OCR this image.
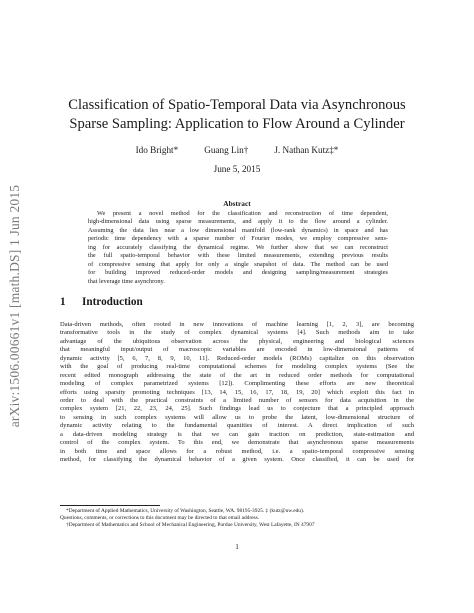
arXiv:1506.00661v1 [math.DS] 1 Jun 2015
Classification of Spatio-Temporal Data via Asynchronous
Sparse Sampling: Application to Flow Around a Cylinder
Ido Bright*	Guang Lin†	J. Nathan Kutz‡*
June 5, 2015
Abstract
We present a novel method for the classification and reconstruction of time dependent,
high-dimensional data using sparse measurements, and apply it to the flow around a cylinder.
Assuming the data lies near a low dimensional manifold (low-rank dynamics) in space and has
periodic time dependency with a sparse number of Fourier modes, we employ compressive sens-
ing for accurately classifying the dynamical regime. We further show that we can reconstruct
the full spatio-temporal behavior with these limited measurements, extending previous results
of compressive sensing that apply for only a single snapshot of data. The method can be used
for building improved reduced-order models and designing sampling/measurement strategies
that leverage time asynchrony.
1 Introduction
Data-driven methods, often rooted in new innovations of machine learning [1, 2, 3], are becoming
transformative tools in the study of complex dynamical systems [4]. Such methods aim to take
advantage of the ubiquitous observation across the physical, engineering and biological sciences
that meaningful input/output of macroscopic variables are encoded in low-dimensional patterns of
dynamic activity [5, 6, 7, 8, 9, 10, 11]. Reduced-order models (ROMs) capitalize on this observation
with the goal of producing real-time computational schemes for modeling complex systems (See the
recent edited monograph addressing the state of the art in reduced order methods for computational
modeling of complex parametrized systems [12]). Complimenting these efforts are new theoretical
efforts using sparsity promoting techniques [13, 14, 15, 16, 17, 18, 19, 20] which exploit this fact in
order to deal with the practical constraints of a limited number of sensors for data acquisition in the
complex system [21, 22, 23, 24, 25]. Such findings lead us to conjecture that a principled approach
to sensing in such complex systems will allow us to probe the latent, low-dimensional structure of
dynamic activity relating to the fundamental quantities of interest. A direct implication of such
a data-driven modeling strategy is that we can gain traction on prediction, state-estimation and
control of the complex system. To this end, we demonstrate that asynchronous sparse measurements
in both time and space allows for a robust method, i.e. a spatio-temporal compressive sensing
method, for classifying the dynamical behavior of a given system. Once classified, it can be used for
*Department of Applied Mathematics, University of Washington, Seattle, WA. 98195-3925. ‡ (kutz@uw.edu).
Questions, comments, or corrections to this document may be directed to that email address.
†Department of Mathematics and School of Mechanical Engineering, Purdue University, West Lafayette, IN 47907
1
